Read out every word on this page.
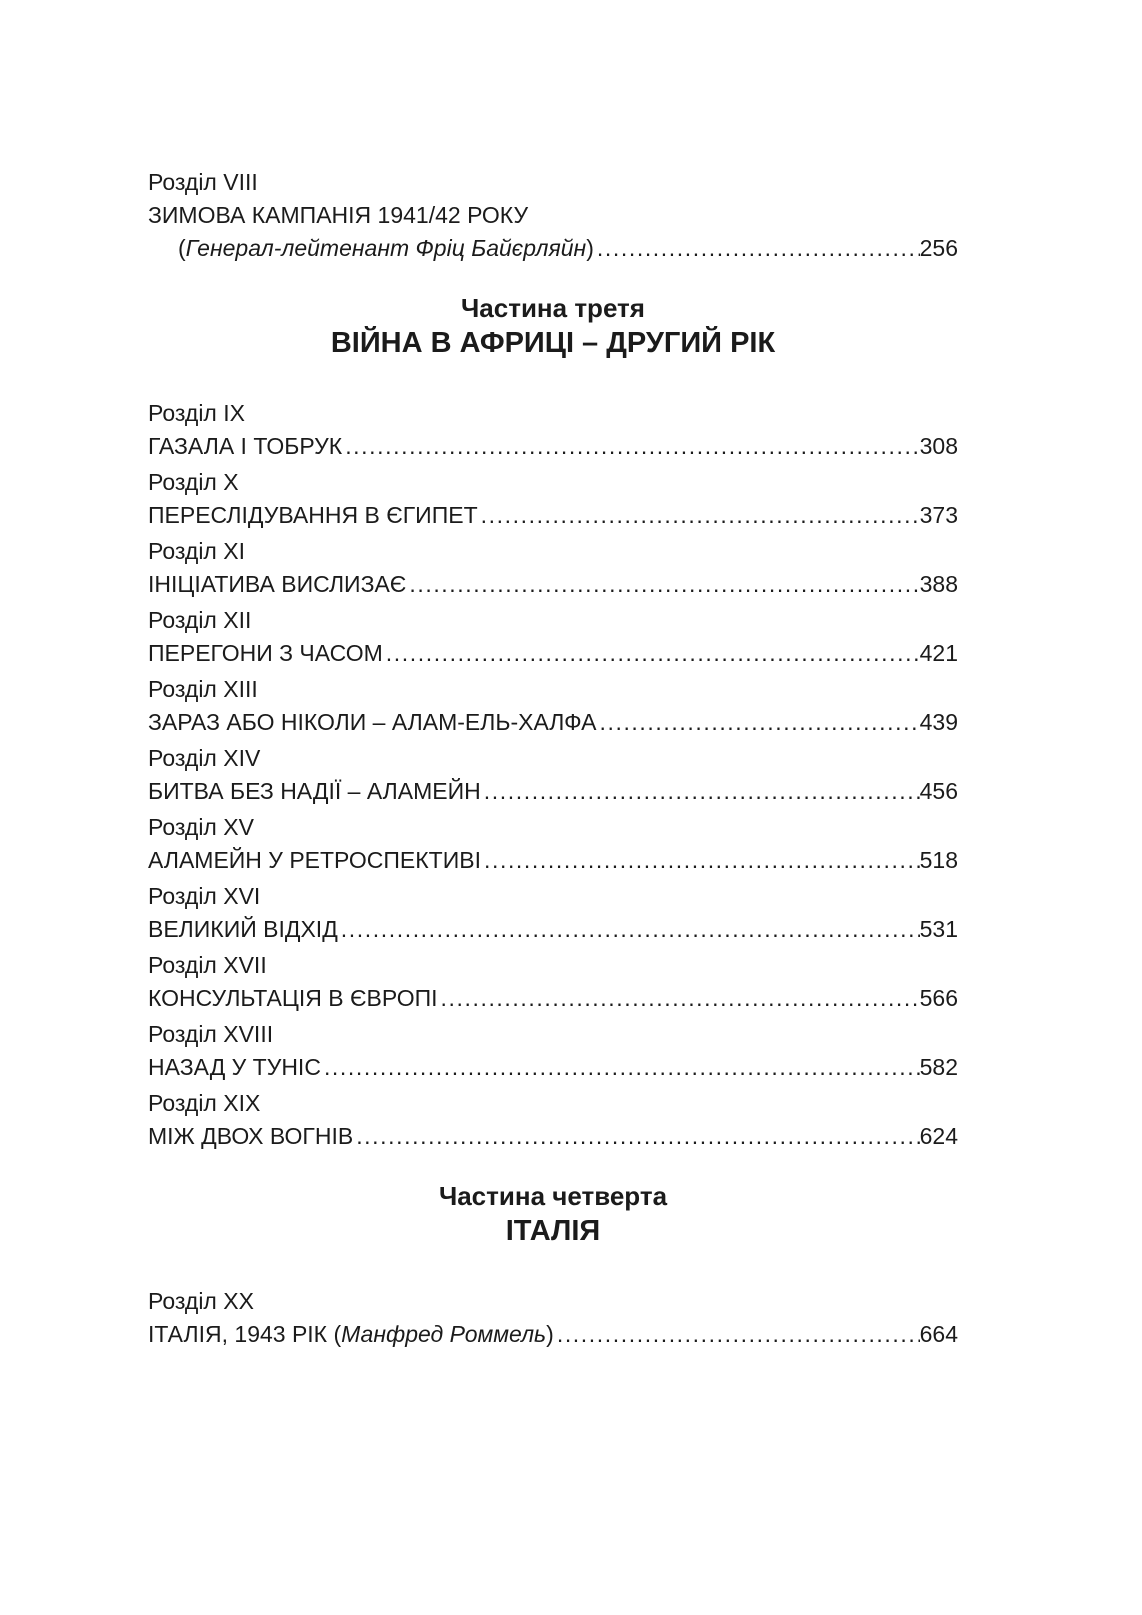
Розділ VIII
ЗИМОВА КАМПАНІЯ 1941/42 РОКУ
( Генерал-лейтенант Фріц Байєрляйн ) .....	256
Частина третя
ВІЙНА В АФРИЦІ – ДРУГИЙ РІК
Розділ IX
ГАЗАЛА І ТОБРУК .....	308
Розділ X
ПЕРЕСЛІДУВАННЯ В ЄГИПЕТ .....	373
Розділ XI
ІНІЦІАТИВА ВИСЛИЗАЄ .....	388
Розділ XII
ПЕРЕГОНИ З ЧАСОМ .....	421
Розділ XIII
ЗАРАЗ АБО НІКОЛИ – АЛАМ-ЕЛЬ-ХАЛФА .....	439
Розділ XIV
БИТВА БЕЗ НАДІЇ – АЛАМЕЙН .....	456
Розділ XV
АЛАМЕЙН У РЕТРОСПЕКТИВІ .....	518
Розділ XVI
ВЕЛИКИЙ ВІДХІД .....	531
Розділ XVII
КОНСУЛЬТАЦІЯ В ЄВРОПІ .....	566
Розділ XVIII
НАЗАД У ТУНІС .....	582
Розділ XIX
МІЖ ДВОХ ВОГНІВ .....	624
Частина четверта
ІТАЛІЯ
Розділ XX
ІТАЛІЯ, 1943 РІК ( Манфред Роммель ) .....	664
